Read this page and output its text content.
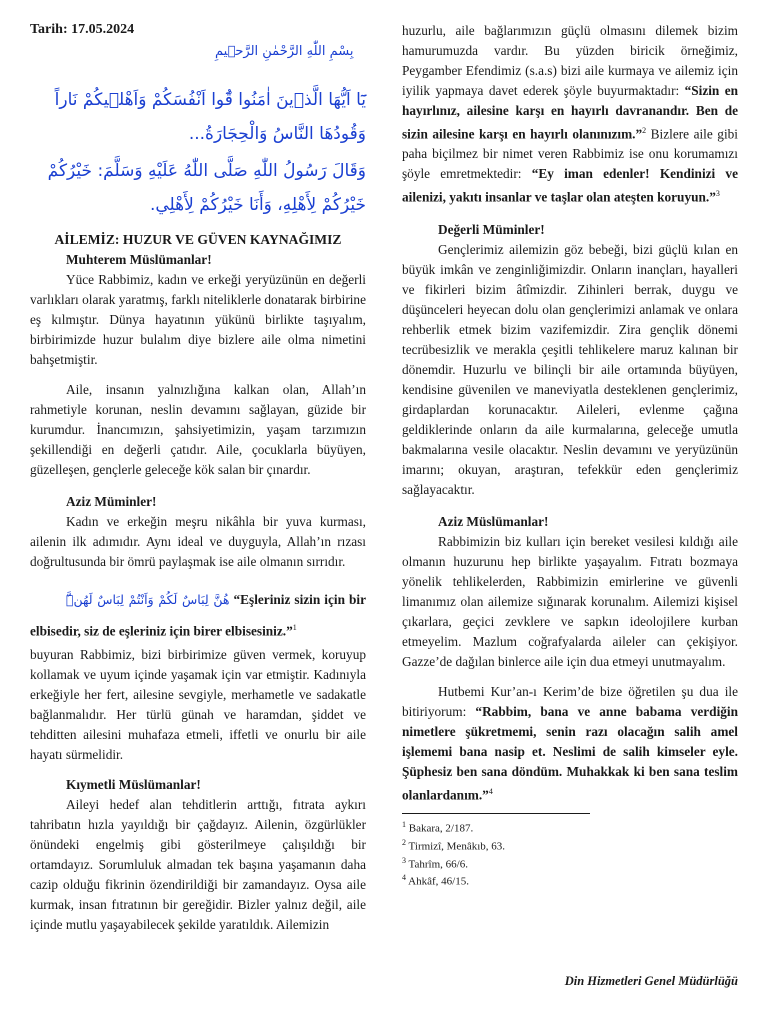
Tarih: 17.05.2024
بِسْمِ اللّٰهِ الرَّحْمٰنِ الرَّح۪يمِ
يَٓا اَيُّهَا الَّذ۪ينَ اٰمَنُوا قُٓوا اَنْفُسَكُمْ وَاَهْل۪يكُمْ نَاراً وَقُودُهَا النَّاسُ وَالْحِجَارَةُ...
وَقَالَ رَسُولُ اللّٰهِ صَلَّى اللّٰهُ عَلَيْهِ وَسَلَّمَ: خَيْرُكُمْ خَيْرُكُمْ لِأَهْلِهِ، وَأَنَا خَيْرُكُمْ لِأَهْلِي.
AİLEMİZ: HUZUR VE GÜVEN KAYNAĞIMIZ

Muhterem Müslümanlar!

Yüce Rabbimiz, kadın ve erkeği yeryüzünün en değerli varlıkları olarak yaratmış, farklı niteliklerle donatarak birbirine eş kılmıştır. Dünya hayatının yükünü birlikte taşıyalım, birbirimizde huzur bulalım diye bizlere aile olma nimetini bahşetmiştir.

Aile, insanın yalnızlığına kalkan olan, Allah’ın rahmetiyle korunan, neslin devamını sağlayan, güzide bir kurumdur. İnancımızın, şahsiyetimizin, yaşam tarzımızın şekillendiği en değerli çatıdır. Aile, çocuklarla büyüyen, güzelleşen, gençlerle geleceğe kök salan bir çınardır.

Aziz Müminler!

Kadın ve erkeğin meşru nikâhla bir yuva kurması, ailenin ilk adımıdır. Aynı ideal ve duyguyla, Allah’ın rızası doğrultusunda bir ömrü paylaşmak ise aile olmanın sırrıdır.

هُنَّ لِبَاسٌ لَكُمْ وَاَنْتُمْ لِبَاسٌ لَهُنَّۜ “Eşleriniz sizin için bir elbisedir, siz de eşleriniz için birer elbisesiniz.”$^1$

buyuran Rabbimiz, bizi birbirimize güven vermek, koruyup kollamak ve uyum içinde yaşamak için var etmiştir. Kadınıyla erkeğiyle her fert, ailesine sevgiyle, merhametle ve sadakatle bağlanmalıdır. Her türlü günah ve haramdan, şiddet ve tehditten ailesini muhafaza etmeli, iffetli ve onurlu bir aile hayatı sürmelidir.

Kıymetli Müslümanlar!

Aileyi hedef alan tehditlerin arttığı, fıtrata aykırı tahribatın hızla yayıldığı bir çağdayız. Ailenin, özgürlükler önündeki engelmiş gibi gösterilmeye çalışıldığı bir ortamdayız. Sorumluluk almadan tek başına yaşamanın daha cazip olduğu fikrinin özendirildiği bir zamandayız. Oysa aile kurmak, insan fıtratının bir gereğidir. Bizler yalnız değil, aile içinde mutlu yaşayabilecek şekilde yaratıldık. Ailemizin

huzurlu, aile bağlarımızın güçlü olmasını dilemek bizim hamurumuzda vardır. Bu yüzden biricik örneğimiz, Peygamber Efendimiz (s.a.s) bizi aile kurmaya ve ailemiz için iyilik yapmaya davet ederek şöyle buyurmaktadır: “Sizin en hayırlınız, ailesine karşı en hayırlı davranandır. Ben de sizin ailesine karşı en hayırlı olanınızım.”$^2$ Bizlere aile gibi paha biçilmez bir nimet veren Rabbimiz ise onu korumamızı şöyle emretmektedir: “Ey iman edenler! Kendinizi ve ailenizi, yakıtı insanlar ve taşlar olan ateşten koruyun.”$^3$

Değerli Müminler!

Gençlerimiz ailemizin göz bebeği, bizi güçlü kılan en büyük imkân ve zenginliğimizdir. Onların inançları, hayalleri ve fikirleri bizim âtîmizdir. Zihinleri berrak, duygu ve düşünceleri heyecan dolu olan gençlerimizi anlamak ve onlara rehberlik etmek bizim vazifemizdir. Zira gençlik dönemi tecrübesizlik ve merakla çeşitli tehlikelere maruz kalınan bir dönemdir. Huzurlu ve bilinçli bir aile ortamında büyüyen, kendisine güvenilen ve maneviyatla desteklenen gençlerimiz, girdaplardan korunacaktır. Aileleri, evlenme çağına geldiklerinde onların da aile kurmalarına, geleceğe umutla bakmalarına vesile olacaktır. Neslin devamını ve yeryüzünün imarını; okuyan, araştıran, tefekkür eden gençlerimiz sağlayacaktır.

Aziz Müslümanlar!

Rabbimizin biz kulları için bereket vesilesi kıldığı aile olmanın huzurunu hep birlikte yaşayalım. Fıtratı bozmaya yönelik tehlikelerden, Rabbimizin emirlerine ve güvenli limanımız olan ailemize sığınarak korunalım. Ailemizi kişisel çıkarlara, geçici zevklere ve sapkın ideolojilere kurban etmeyelim. Mazlum coğrafyalarda aileler can çekişiyor. Gazze’de dağılan binlerce aile için dua etmeyi unutmayalım.

Hutbemi Kur’an-ı Kerim’de bize öğretilen şu dua ile bitiriyorum: “Rabbim, bana ve anne babama verdiğin nimetlere şükretmemi, senin razı olacağın salih amel işlememi bana nasip et. Neslimi de salih kimseler eyle. Şüphesiz ben sana döndüm. Muhakkak ki ben sana teslim olanlardanım.”$^4$

$^1$ Bakara, 2/187.

$^2$ Tirmizî, Menâkıb, 63.

$^3$ Tahrîm, 66/6.

$^4$ Ahkâf, 46/15.

Din Hizmetleri Genel Müdürlüğü
